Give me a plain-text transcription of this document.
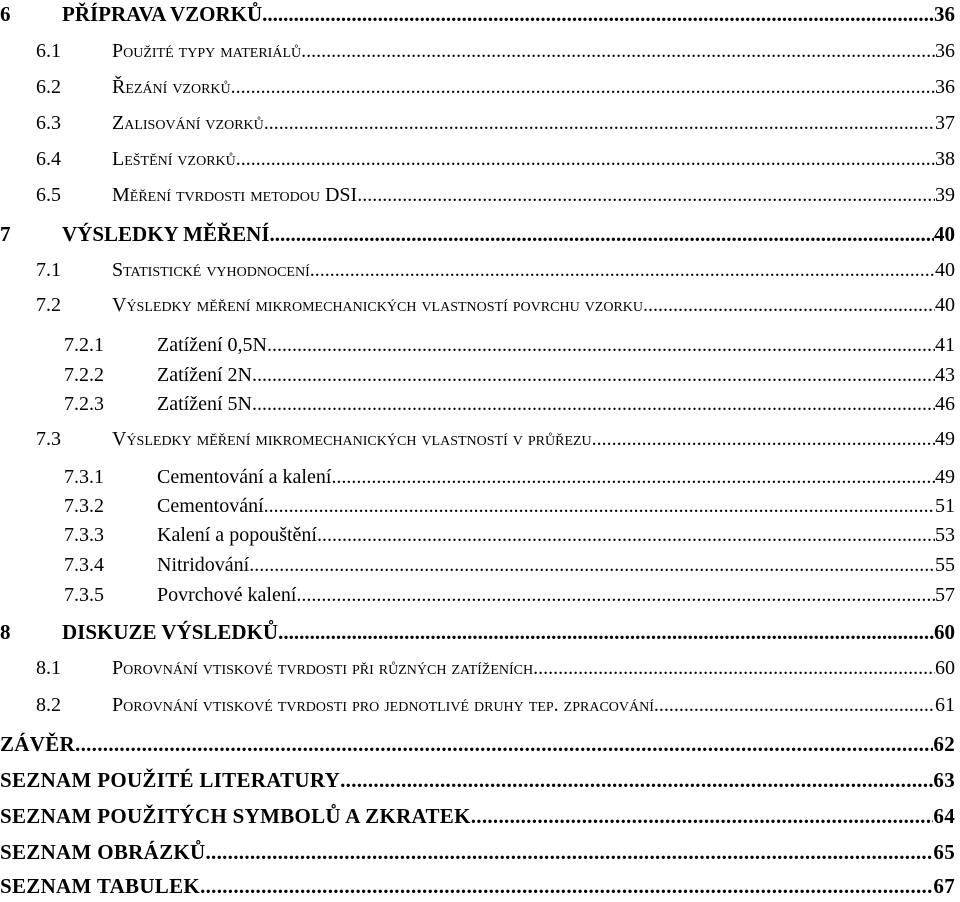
6	PŘÍPRAVA VZORKŮ .....	36
6.1	Použité typy materiálů .....	36
6.2	Řezání vzorků .....	36
6.3	Zalisování vzorků .....	37
6.4	Leštění vzorků .....	38
6.5	Měření tvrdosti metodou DSI .....	39
7	VÝSLEDKY MĚŘENÍ .....	40
7.1	Statistické vyhodnocení .....	40
7.2	Výsledky měření mikromechanických vlastností povrchu vzorku .....	40
7.2.1	Zatížení 0,5N .....	41
7.2.2	Zatížení 2N .....	43
7.2.3	Zatížení 5N .....	46
7.3	Výsledky měření mikromechanických vlastností v průřezu .....	49
7.3.1	Cementování a kalení .....	49
7.3.2	Cementování .....	51
7.3.3	Kalení a popouštění .....	53
7.3.4	Nitridování .....	55
7.3.5	Povrchové kalení .....	57
8	DISKUZE VÝSLEDKŮ .....	60
8.1	Porovnání vtiskové tvrdosti při různých zatíženích .....	60
8.2	Porovnání vtiskové tvrdosti pro jednotlivé druhy tep. zpracování .....	61
ZÁVĚR .....	62
SEZNAM POUŽITÉ LITERATURY .....	63
SEZNAM POUŽITÝCH SYMBOLŮ A ZKRATEK .....	64
SEZNAM OBRÁZKŮ .....	65
SEZNAM TABULEK .....	67
